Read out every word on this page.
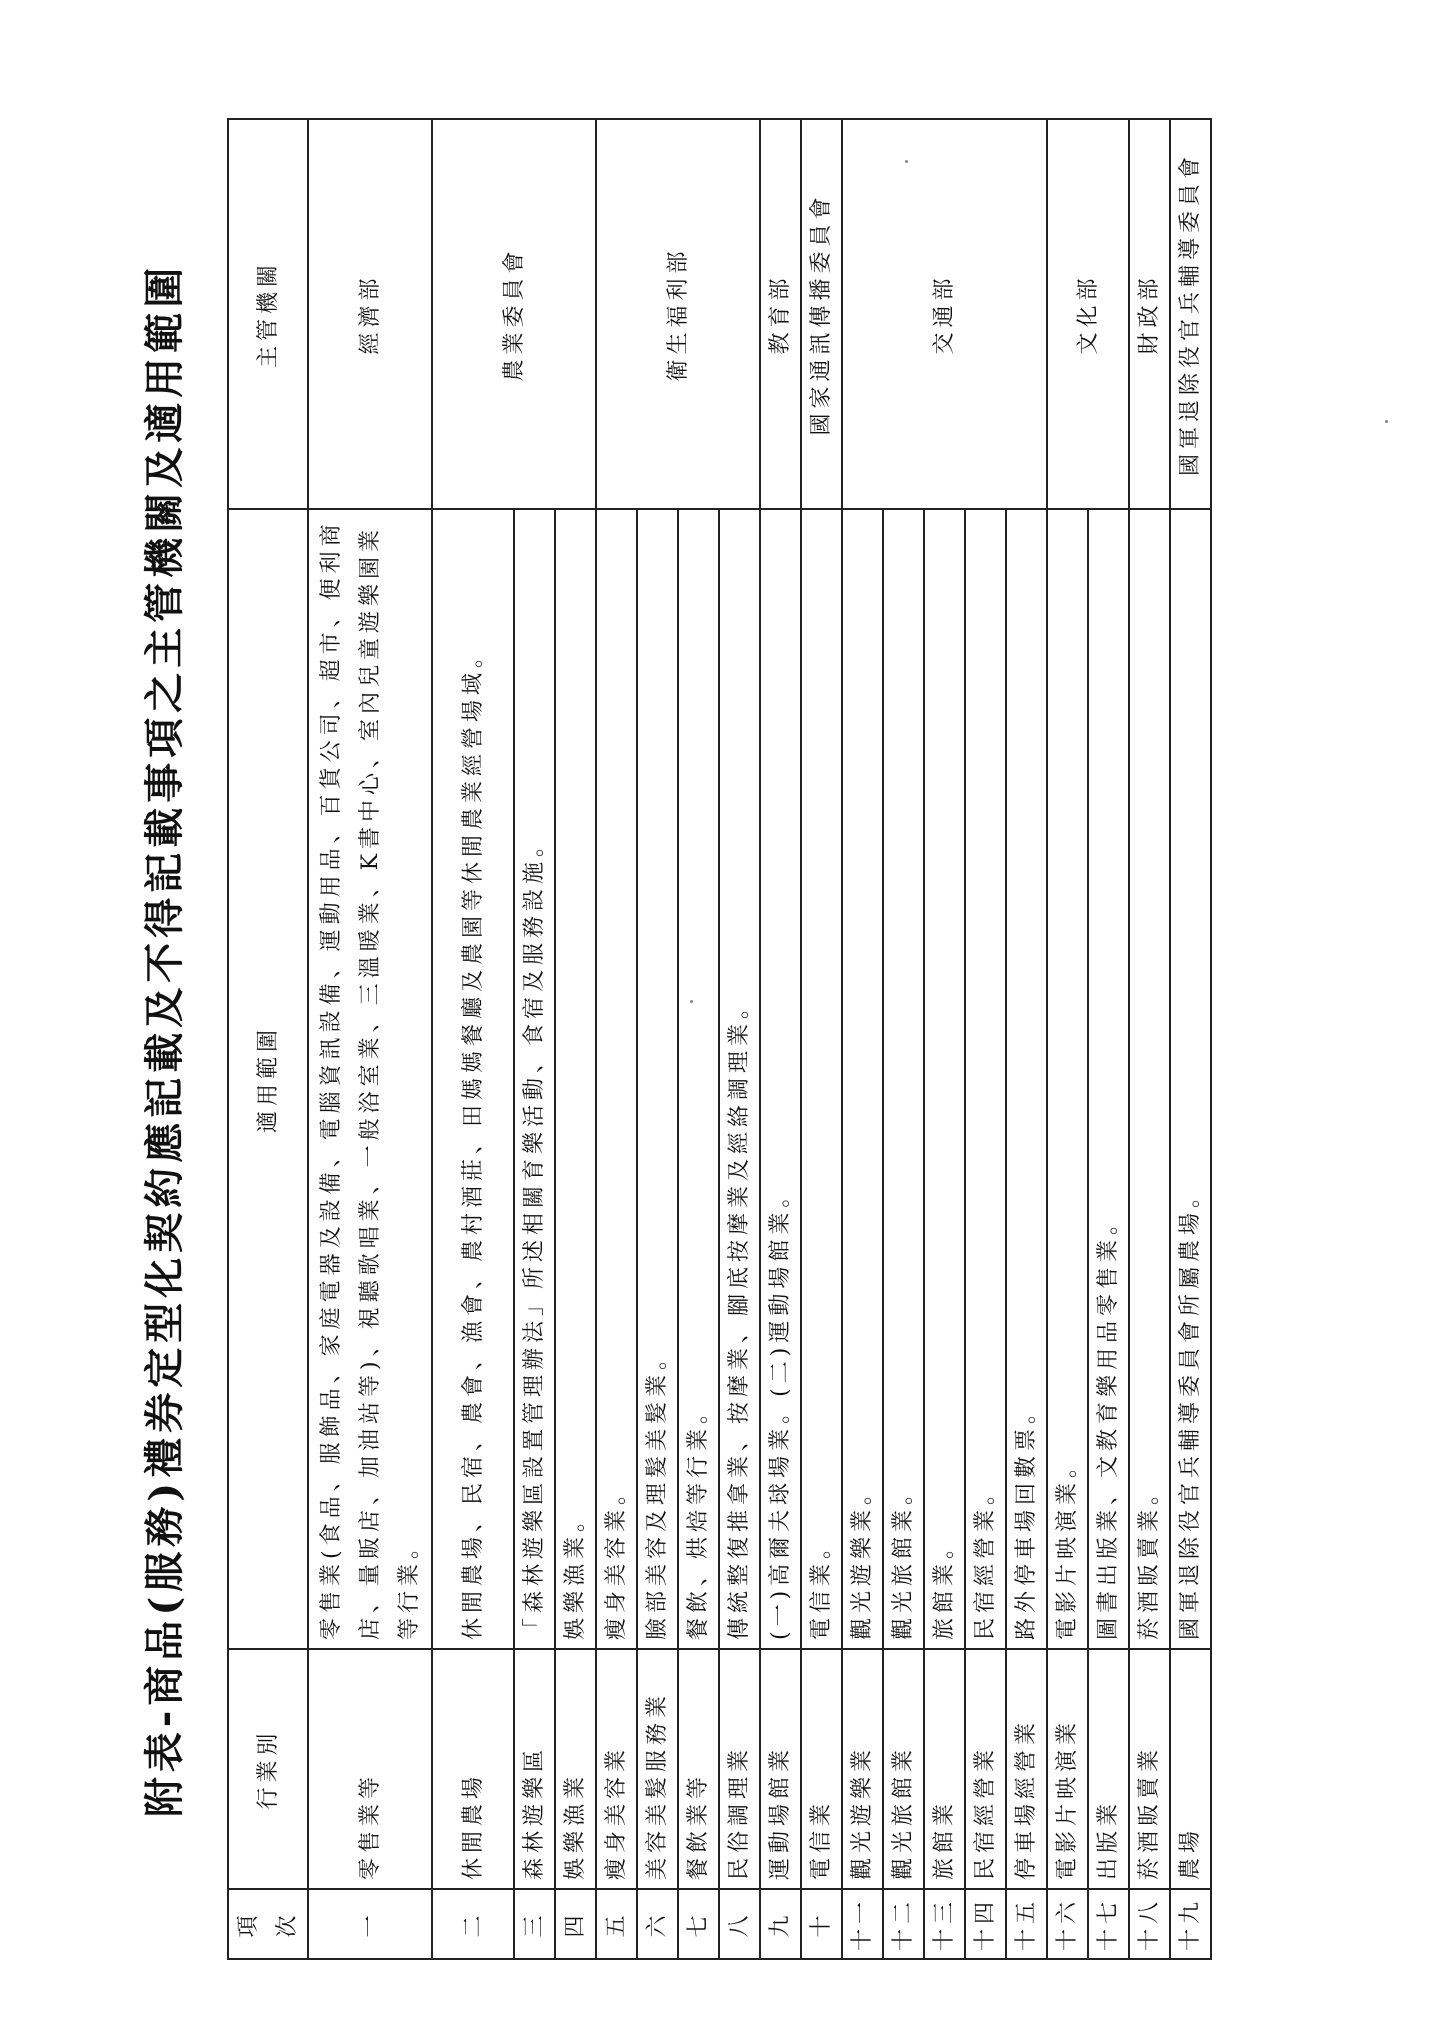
附表-商品(服務)禮券定型化契約應記載及不得記載事項之主管機關及適用範圍
項次	行業別	適用範圍	主管機關
一	零售業等	零售業(食品、服飾品、家庭電器及設備、電腦資訊設備、運動用品、百貨公司、超市、便利商店、量販店、加油站等)、視聽歌唱業、一般浴室業、三溫暖業、K書中心、室內兒童遊樂園業等行業。	經濟部
二	休閒農場	休閒農場、民宿、農會、漁會、農村酒莊、田媽媽餐廳及農園等休閒農業經營場域。	農業委員會
三	森林遊樂區	「森林遊樂區設置管理辦法」所述相關育樂活動、食宿及服務設施。	
四	娛樂漁業	娛樂漁業。	
五	瘦身美容業	瘦身美容業。	衛生福利部
六	美容美髮服務業	臉部美容及理髮美髮業。	
七	餐飲業等	餐飲、烘焙等行業。	
八	民俗調理業	傳統整復推拿業、按摩業、腳底按摩業及經絡調理業。	
九	運動場館業	(一)高爾夫球場業。(二)運動場館業。	教育部
十	電信業	電信業。	國家通訊傳播委員會
十一	觀光遊樂業	觀光遊樂業。	交通部
十二	觀光旅館業	觀光旅館業。	
十三	旅館業	旅館業。	
十四	民宿經營業	民宿經營業。	
十五	停車場經營業	路外停車場回數票。	
十六	電影片映演業	電影片映演業。	文化部
十七	出版業	圖書出版業、文教育樂用品零售業。	
十八	菸酒販賣業	菸酒販賣業。	財政部
十九	農場	國軍退除役官兵輔導委員會所屬農場。	國軍退除役官兵輔導委員會
